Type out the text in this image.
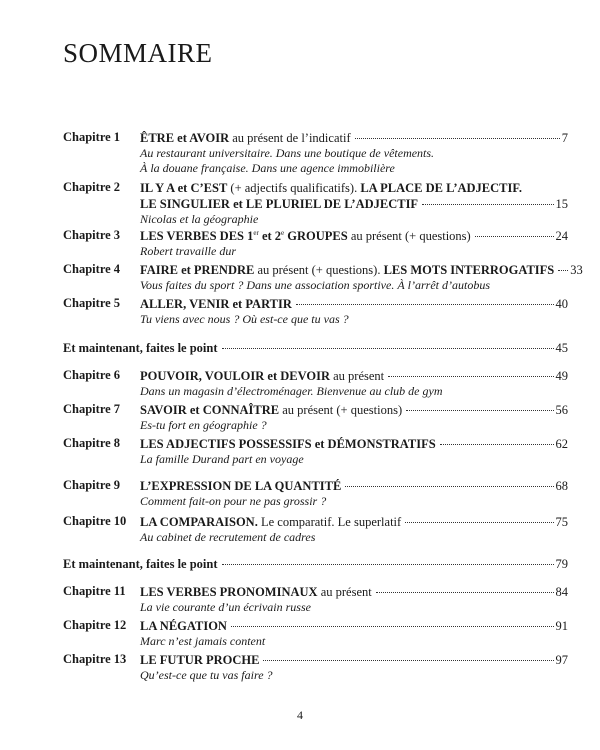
SOMMAIRE
Chapitre 1 ÊTRE et AVOIR au présent de l’indicatif	7
Au restaurant universitaire. Dans une boutique de vêtements.
À la douane française. Dans une agence immobilière
Chapitre 2 IL Y A et C’EST (+ adjectifs qualificatifs). LA PLACE DE L’ADJECTIF.
LE SINGULIER et LE PLURIEL DE L’ADJECTIF	15
Nicolas et la géographie
Chapitre 3 LES VERBES DES 1er et 2e GROUPES au présent (+ questions)	24
Robert travaille dur
Chapitre 4 FAIRE et PRENDRE au présent (+ questions). LES MOTS INTERROGATIFS 33
Vous faites du sport ? Dans une association sportive. À l’arrêt d’autobus
Chapitre 5 ALLER, VENIR et PARTIR	40
Tu viens avec nous ? Où est-ce que tu vas ?
Et maintenant, faites le point	45
Chapitre 6 POUVOIR, VOULOIR et DEVOIR au présent	49
Dans un magasin d’électroménager. Bienvenue au club de gym
Chapitre 7 SAVOIR et CONNAÎTRE au présent (+ questions)	56
Es-tu fort en géographie ?
Chapitre 8 LES ADJECTIFS POSSESSIFS et DÉMONSTRATIFS	62
La famille Durand part en voyage
Chapitre 9 L’EXPRESSION DE LA QUANTITÉ	68
Comment fait-on pour ne pas grossir ?
Chapitre 10 LA COMPARAISON. Le comparatif. Le superlatif	75
Au cabinet de recrutement de cadres
Et maintenant, faites le point	79
Chapitre 11 LES VERBES PRONOMINAUX au présent	84
La vie courante d’un écrivain russe
Chapitre 12 LA NÉGATION	91
Marc n’est jamais content
Chapitre 13 LE FUTUR PROCHE	97
Qu’est-ce que tu vas faire ?
4
